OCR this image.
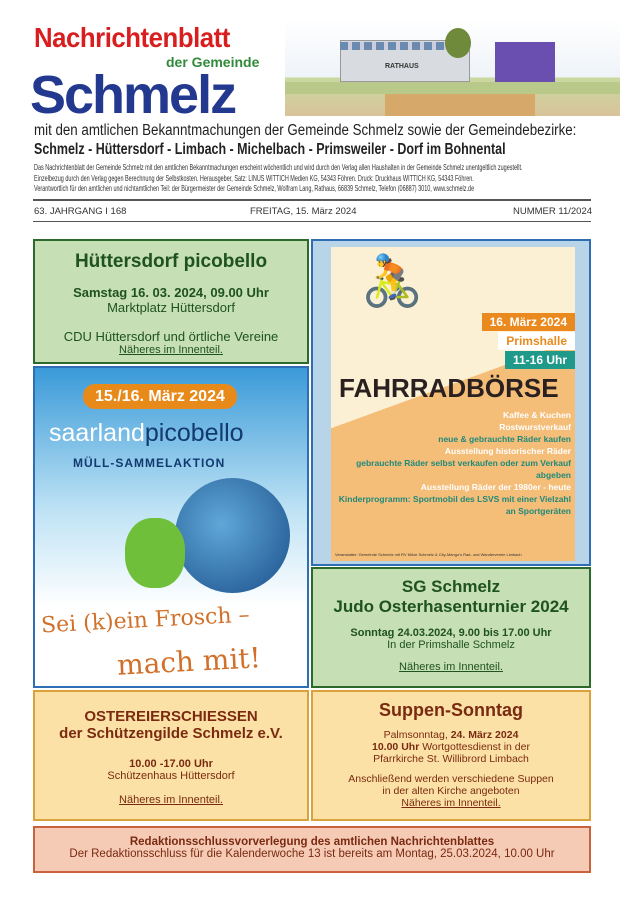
Nachrichtenblatt
der Gemeinde
Schmelz	RATHAUS
mit den amtlichen Bekanntmachungen der Gemeinde Schmelz sowie der Gemeindebezirke:
Schmelz - Hüttersdorf - Limbach - Michelbach - Primsweiler - Dorf im Bohnental
Das Nachrichtenblatt der Gemeinde Schmelz mit den amtlichen Bekanntmachungen erscheint wöchentlich und wird durch den Verlag allen Haushalten in der Gemeinde Schmelz unentgeltlich zugestellt.
Einzelbezug durch den Verlag gegen Berechnung der Selbstkosten. Herausgeber, Satz: LINUS WITTICH Medien KG, 54343 Föhren. Druck: Druckhaus WITTICH KG, 54343 Föhren.
Verantwortlich für den amtlichen und nichtamtlichen Teil: der Bürgermeister der Gemeinde Schmelz, Wolfram Lang, Rathaus, 66839 Schmelz, Telefon (06887) 3010, www.schmelz.de
63. JAHRGANG I 168	FREITAG, 15. März 2024	NUMMER 11/2024
Hüttersdorf picobello
Samstag 16. 03. 2024, 09.00 Uhr
Marktplatz Hüttersdorf
CDU Hüttersdorf und örtliche Vereine
Näheres im Innenteil.
15./16. März 2024
saarlandpicobello
MÜLL-SAMMELAKTION
Sei (k)ein Frosch –
mach mit!
🚴
16. März 2024
Primshalle
11-16 Uhr
FAHRRADBÖRSE
Kaffee & Kuchen
Rostwurstverkauf
neue & gebrauchte Räder kaufen
Ausstellung historischer Räder
gebrauchte Räder selbst verkaufen oder zum Verkauf abgeben
Ausstellung Räder der 1980er - heute
Kinderprogramm: Sportmobil des LSVS mit einer Vielzahl an Sportgeräten
Veranstalter: Gemeinde Schmelz mit RV Möve Schmelz & City-Mango's Rad- und Wanderverein Limbach
SG Schmelz
Judo Osterhasenturnier 2024
Sonntag 24.03.2024, 9.00 bis 17.00 Uhr
In der Primshalle Schmelz
Näheres im Innenteil.
OSTEREIERSCHIESSEN
der Schützengilde Schmelz e.V.
10.00 -17.00 Uhr
Schützenhaus Hüttersdorf
Näheres im Innenteil.
Suppen-Sonntag
Palmsonntag, 24. März 2024
10.00 Uhr Wortgottesdienst in der
Pfarrkirche St. Willibrord Limbach
Anschließend werden verschiedene Suppen
in der alten Kirche angeboten
Näheres im Innenteil.
Redaktionsschlussvorverlegung des amtlichen Nachrichtenblattes
Der Redaktionsschluss für die Kalenderwoche 13 ist bereits am Montag, 25.03.2024, 10.00 Uhr
